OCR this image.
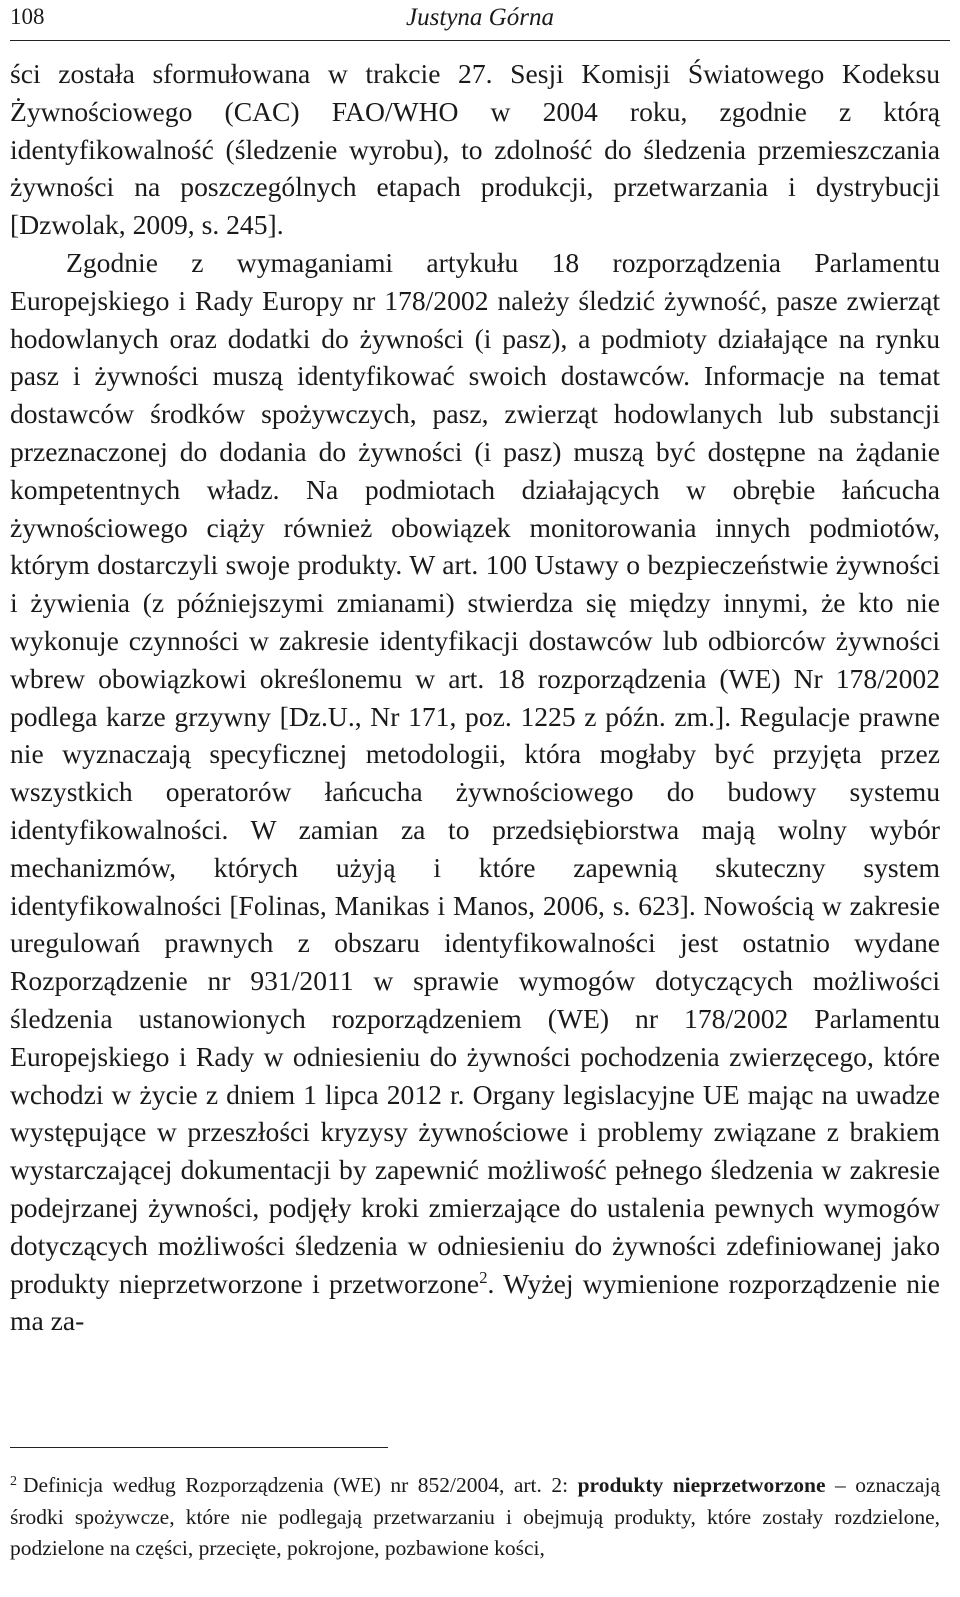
108	Justyna Górna

ści została sformułowana w trakcie 27. Sesji Komisji Światowego Kodeksu Żywnościowego (CAC) FAO/WHO w 2004 roku, zgodnie z którą identyfikowalność (śledzenie wyrobu), to zdolność do śledzenia przemieszczania żywności na poszczególnych etapach produkcji, przetwarzania i dystrybucji [Dzwolak, 2009, s. 245].

Zgodnie z wymaganiami artykułu 18 rozporządzenia Parlamentu Europejskiego i Rady Europy nr 178/2002 należy śledzić żywność, pasze zwierząt hodowlanych oraz dodatki do żywności (i pasz), a podmioty działające na rynku pasz i żywności muszą identyfikować swoich dostawców. Informacje na temat dostawców środków spożywczych, pasz, zwierząt hodowlanych lub substancji przeznaczonej do dodania do żywności (i pasz) muszą być dostępne na żądanie kompetentnych władz. Na podmiotach działających w obrębie łańcucha żywnościowego ciąży również obowiązek monitorowania innych podmiotów, którym dostarczyli swoje produkty. W art. 100 Ustawy o bezpieczeństwie żywności i żywienia (z późniejszymi zmianami) stwierdza się między innymi, że kto nie wykonuje czynności w zakresie identyfikacji dostawców lub odbiorców żywności wbrew obowiązkowi określonemu w art. 18 rozporządzenia (WE) Nr 178/2002 podlega karze grzywny [Dz.U., Nr 171, poz. 1225 z późn. zm.]. Regulacje prawne nie wyznaczają specyficznej metodologii, która mogłaby być przyjęta przez wszystkich operatorów łańcucha żywnościowego do budowy systemu identyfikowalności. W zamian za to przedsiębiorstwa mają wolny wybór mechanizmów, których użyją i które zapewnią skuteczny system identyfikowalności [Folinas, Manikas i Manos, 2006, s. 623]. Nowością w zakresie uregulowań prawnych z obszaru identyfikowalności jest ostatnio wydane Rozporządzenie nr 931/2011 w sprawie wymogów dotyczących możliwości śledzenia ustanowionych rozporządzeniem (WE) nr 178/2002 Parlamentu Europejskiego i Rady w odniesieniu do żywności pochodzenia zwierzęcego, które wchodzi w życie z dniem 1 lipca 2012 r. Organy legislacyjne UE mając na uwadze występujące w przeszłości kryzysy żywnościowe i problemy związane z brakiem wystarczającej dokumentacji by zapewnić możliwość pełnego śledzenia w zakresie podejrzanej żywności, podjęły kroki zmierzające do ustalenia pewnych wymogów dotyczących możliwości śledzenia w odniesieniu do żywności zdefiniowanej jako produkty nieprzetworzone i przetworzone$^2$. Wyżej wymienione rozporządzenie nie ma za-

$^2$ Definicja według Rozporządzenia (WE) nr 852/2004, art. 2: produkty nieprzetworzone – oznaczają środki spożywcze, które nie podlegają przetwarzaniu i obejmują produkty, które zostały rozdzielone, podzielone na części, przecięte, pokrojone, pozbawione kości,
